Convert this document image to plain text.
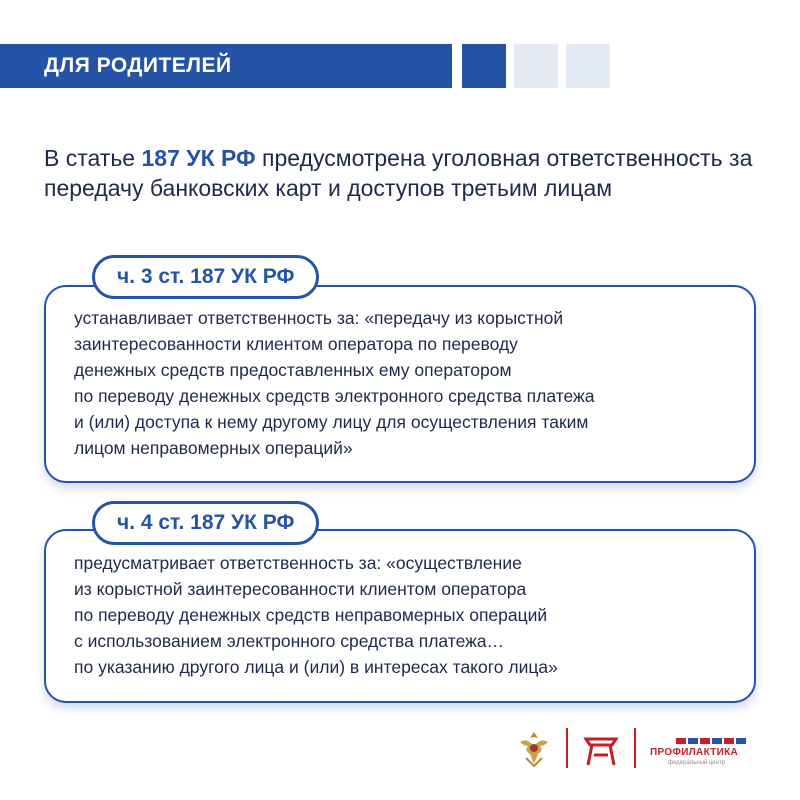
ДЛЯ РОДИТЕЛЕЙ
В статье 187 УК РФ предусмотрена уголовная ответственность за передачу банковских карт и доступов третьим лицам
ч. 3 ст. 187 УК РФ
устанавливает ответственность за: «передачу из корыстной
заинтересованности клиентом оператора по переводу
денежных средств предоставленных ему оператором
по переводу денежных средств электронного средства платежа
и (или) доступа к нему другому лицу для осуществления таким
лицом неправомерных операций»
ч. 4 ст. 187 УК РФ
предусматривает ответственность за: «осуществление
из корыстной заинтересованности клиентом оператора
по переводу денежных средств неправомерных операций
с использованием электронного средства платежа…
по указанию другого лица и (или) в интересах такого лица»
ПРОФИЛАКТИКА
федеральный центр
